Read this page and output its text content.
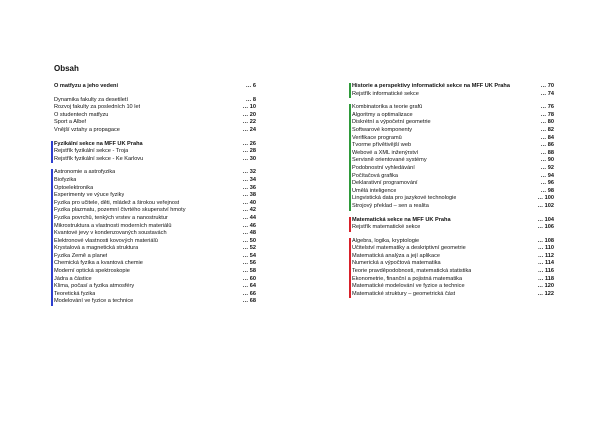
Obsah
O matfyzu a jeho vedení	… 6
Dynamika fakulty za desetiletí	… 8
Rozvoj fakulty za posledních 10 let	… 10
O studentech matfyzu	… 20
Sport a Albeř	… 22
Vnější vztahy a propagace	… 24
Fyzikální sekce na MFF UK Praha	… 26
Rejstřík fyzikální sekce - Troja	… 28
Rejstřík fyzikální sekce - Ke Karlovu	… 30
Astronomie a astrofyzika	… 32
Biofyzika	… 34
Optoelektronika	… 36
Experimenty ve výuce fyziky	… 38
Fyzika pro učitele, děti, mládež a širokou veřejnost	… 40
Fyzika plazmatu, pozemní čtvrtého skupenství hmoty	… 42
Fyzika povrchů, tenkých vrstev a nanostruktur	… 44
Mikrostruktura a vlastnosti moderních materiálů	… 46
Kvantové jevy v kondenzovaných soustavách	… 48
Elektronové vlastnosti kovových materiálů	… 50
Krystalová a magnetická struktura	… 52
Fyzika Země a planet	… 54
Chemická fyzika a kvantová chemie	… 56
Moderní optická spektroskopie	… 58
Jádra a částice	… 60
Klima, počasí a fyzika atmosféry	… 64
Teoretická fyzika	… 66
Modelování ve fyzice a technice	… 68
Historie a perspektivy informatické sekce na MFF UK Praha	… 70
Rejstřík informatické sekce	… 74
Kombinatorika a teorie grafů	… 76
Algoritmy a optimalizace	… 78
Diskrétní a výpočetní geometrie	… 80
Softwarové komponenty	… 82
Verifikace programů	… 84
Tvorme přívětivější web	… 86
Webové a XML inženýrství	… 88
Servisně orientované systémy	… 90
Podobnostní vyhledávání	… 92
Počítačová grafika	… 94
Deklarativní programování	… 96
Umělá inteligence	… 98
Lingvistická data pro jazykové technologie	… 100
Strojový překlad – sen a realita	… 102
Matematická sekce na MFF UK Praha	… 104
Rejstřík matematické sekce	… 106
Algebra, logika, kryptologie	… 108
Učitelství matematiky a deskriptivní geometrie	… 110
Matematická analýza a její aplikace	… 112
Numerická a výpočtová matematika	… 114
Teorie pravděpodobnosti, matematická statistika	… 116
Ekonometrie, finanční a pojistná matematika	… 118
Matematické modelování ve fyzice a technice	… 120
Matematické struktury – geometrická část	… 122
